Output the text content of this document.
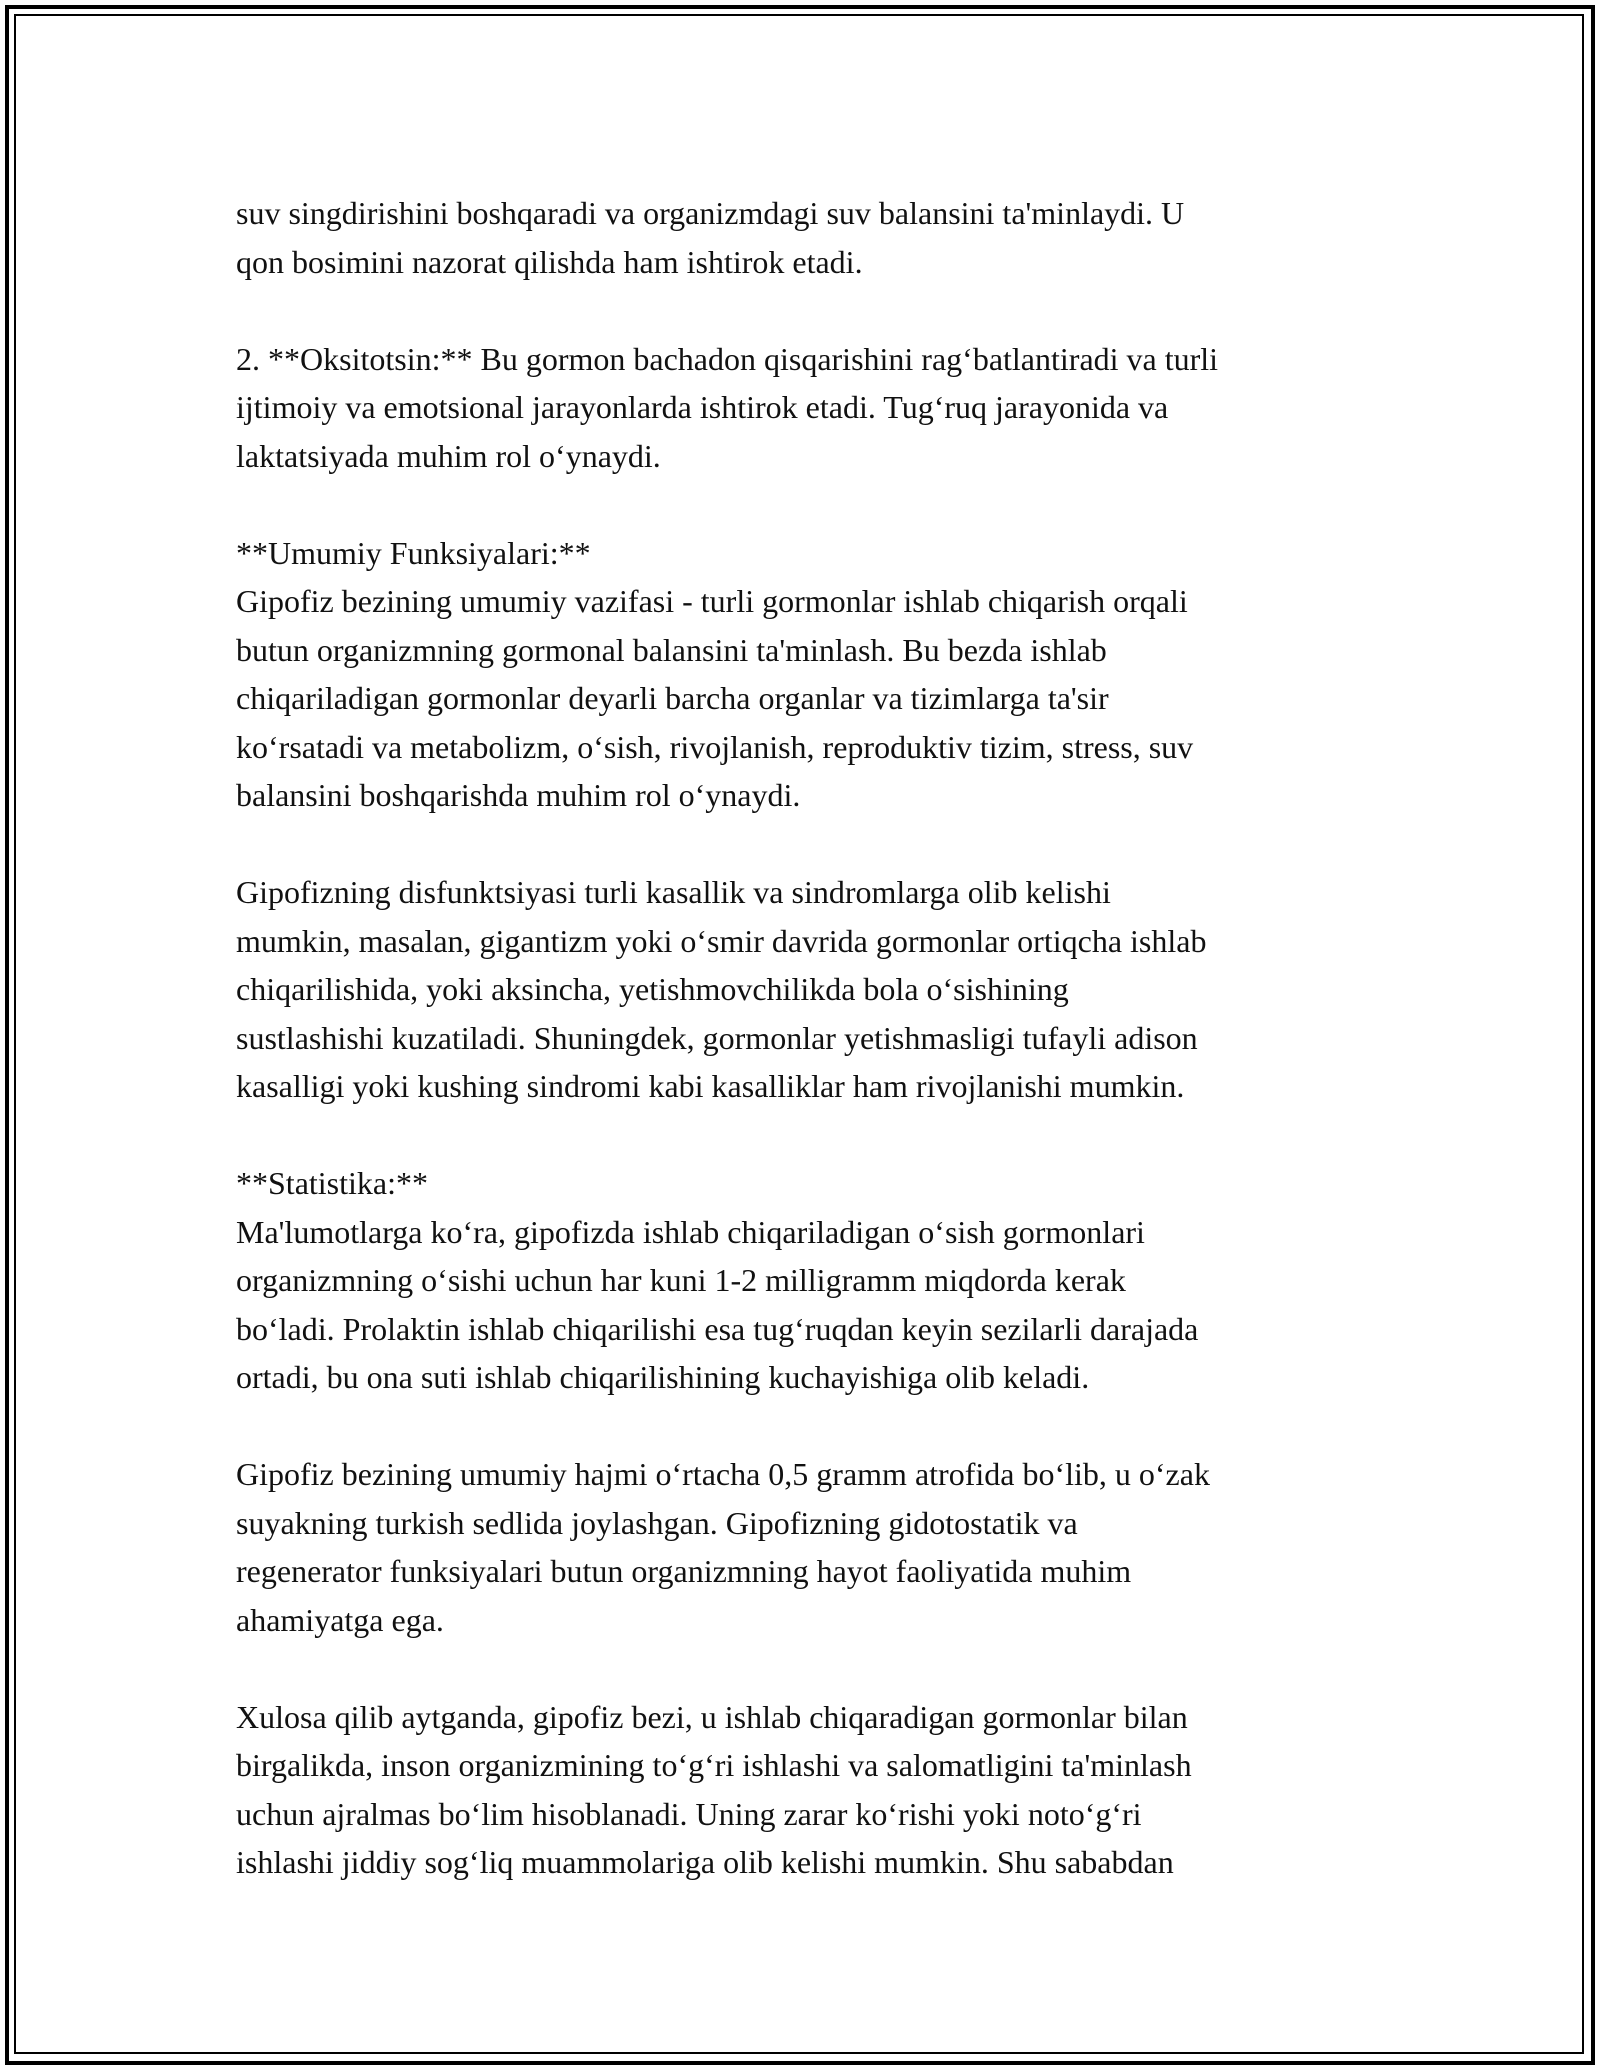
suv singdirishini boshqaradi va organizmdagi suv balansini ta'minlaydi. U
qon bosimini nazorat qilishda ham ishtirok etadi.

2. **Oksitotsin:** Bu gormon bachadon qisqarishini rag‘batlantiradi va turli
ijtimoiy va emotsional jarayonlarda ishtirok etadi. Tug‘ruq jarayonida va
laktatsiyada muhim rol o‘ynaydi.

**Umumiy Funksiyalari:**
Gipofiz bezining umumiy vazifasi - turli gormonlar ishlab chiqarish orqali
butun organizmning gormonal balansini ta'minlash. Bu bezda ishlab
chiqariladigan gormonlar deyarli barcha organlar va tizimlarga ta'sir
ko‘rsatadi va metabolizm, o‘sish, rivojlanish, reproduktiv tizim, stress, suv
balansini boshqarishda muhim rol o‘ynaydi.

Gipofizning disfunktsiyasi turli kasallik va sindromlarga olib kelishi
mumkin, masalan, gigantizm yoki o‘smir davrida gormonlar ortiqcha ishlab
chiqarilishida, yoki aksincha, yetishmovchilikda bola o‘sishining
sustlashishi kuzatiladi. Shuningdek, gormonlar yetishmasligi tufayli adison
kasalligi yoki kushing sindromi kabi kasalliklar ham rivojlanishi mumkin.

**Statistika:**
Ma'lumotlarga ko‘ra, gipofizda ishlab chiqariladigan o‘sish gormonlari
organizmning o‘sishi uchun har kuni 1-2 milligramm miqdorda kerak
bo‘ladi. Prolaktin ishlab chiqarilishi esa tug‘ruqdan keyin sezilarli darajada
ortadi, bu ona suti ishlab chiqarilishining kuchayishiga olib keladi.

Gipofiz bezining umumiy hajmi o‘rtacha 0,5 gramm atrofida bo‘lib, u o‘zak
suyakning turkish sedlida joylashgan. Gipofizning gidotostatik va
regenerator funksiyalari butun organizmning hayot faoliyatida muhim
ahamiyatga ega.

Xulosa qilib aytganda, gipofiz bezi, u ishlab chiqaradigan gormonlar bilan
birgalikda, inson organizmining to‘g‘ri ishlashi va salomatligini ta'minlash
uchun ajralmas bo‘lim hisoblanadi. Uning zarar ko‘rishi yoki noto‘g‘ri
ishlashi jiddiy sog‘liq muammolariga olib kelishi mumkin. Shu sababdan
